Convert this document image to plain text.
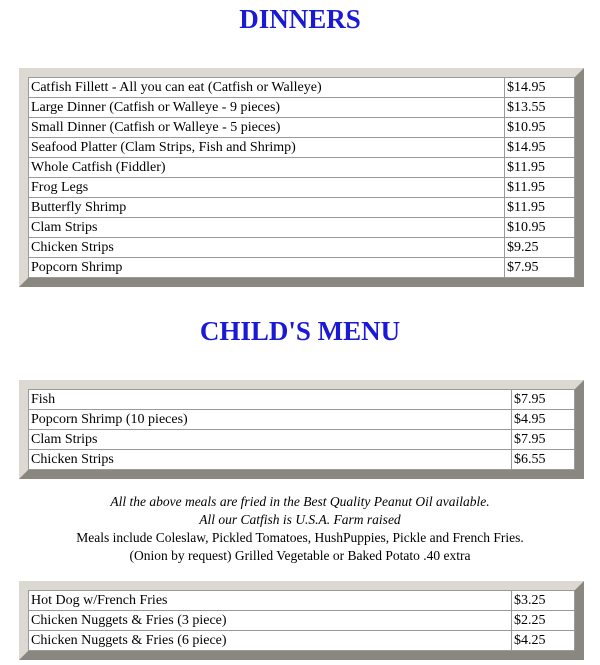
DINNERS
Catfish Fillett - All you can eat (Catfish or Walleye)	$14.95
Large Dinner (Catfish or Walleye - 9 pieces)	$13.55
Small Dinner (Catfish or Walleye - 5 pieces)	$10.95
Seafood Platter (Clam Strips, Fish and Shrimp)	$14.95
Whole Catfish (Fiddler)	$11.95
Frog Legs	$11.95
Butterfly Shrimp	$11.95
Clam Strips	$10.95
Chicken Strips	$9.25
Popcorn Shrimp	$7.95
CHILD'S MENU
Fish	$7.95
Popcorn Shrimp (10 pieces)	$4.95
Clam Strips	$7.95
Chicken Strips	$6.55
All the above meals are fried in the Best Quality Peanut Oil available.
All our Catfish is U.S.A. Farm raised
Meals include Coleslaw, Pickled Tomatoes, HushPuppies, Pickle and French Fries.
(Onion by request) Grilled Vegetable or Baked Potato .40 extra
Hot Dog w/French Fries	$3.25
Chicken Nuggets & Fries (3 piece)	$2.25
Chicken Nuggets & Fries (6 piece)	$4.25
